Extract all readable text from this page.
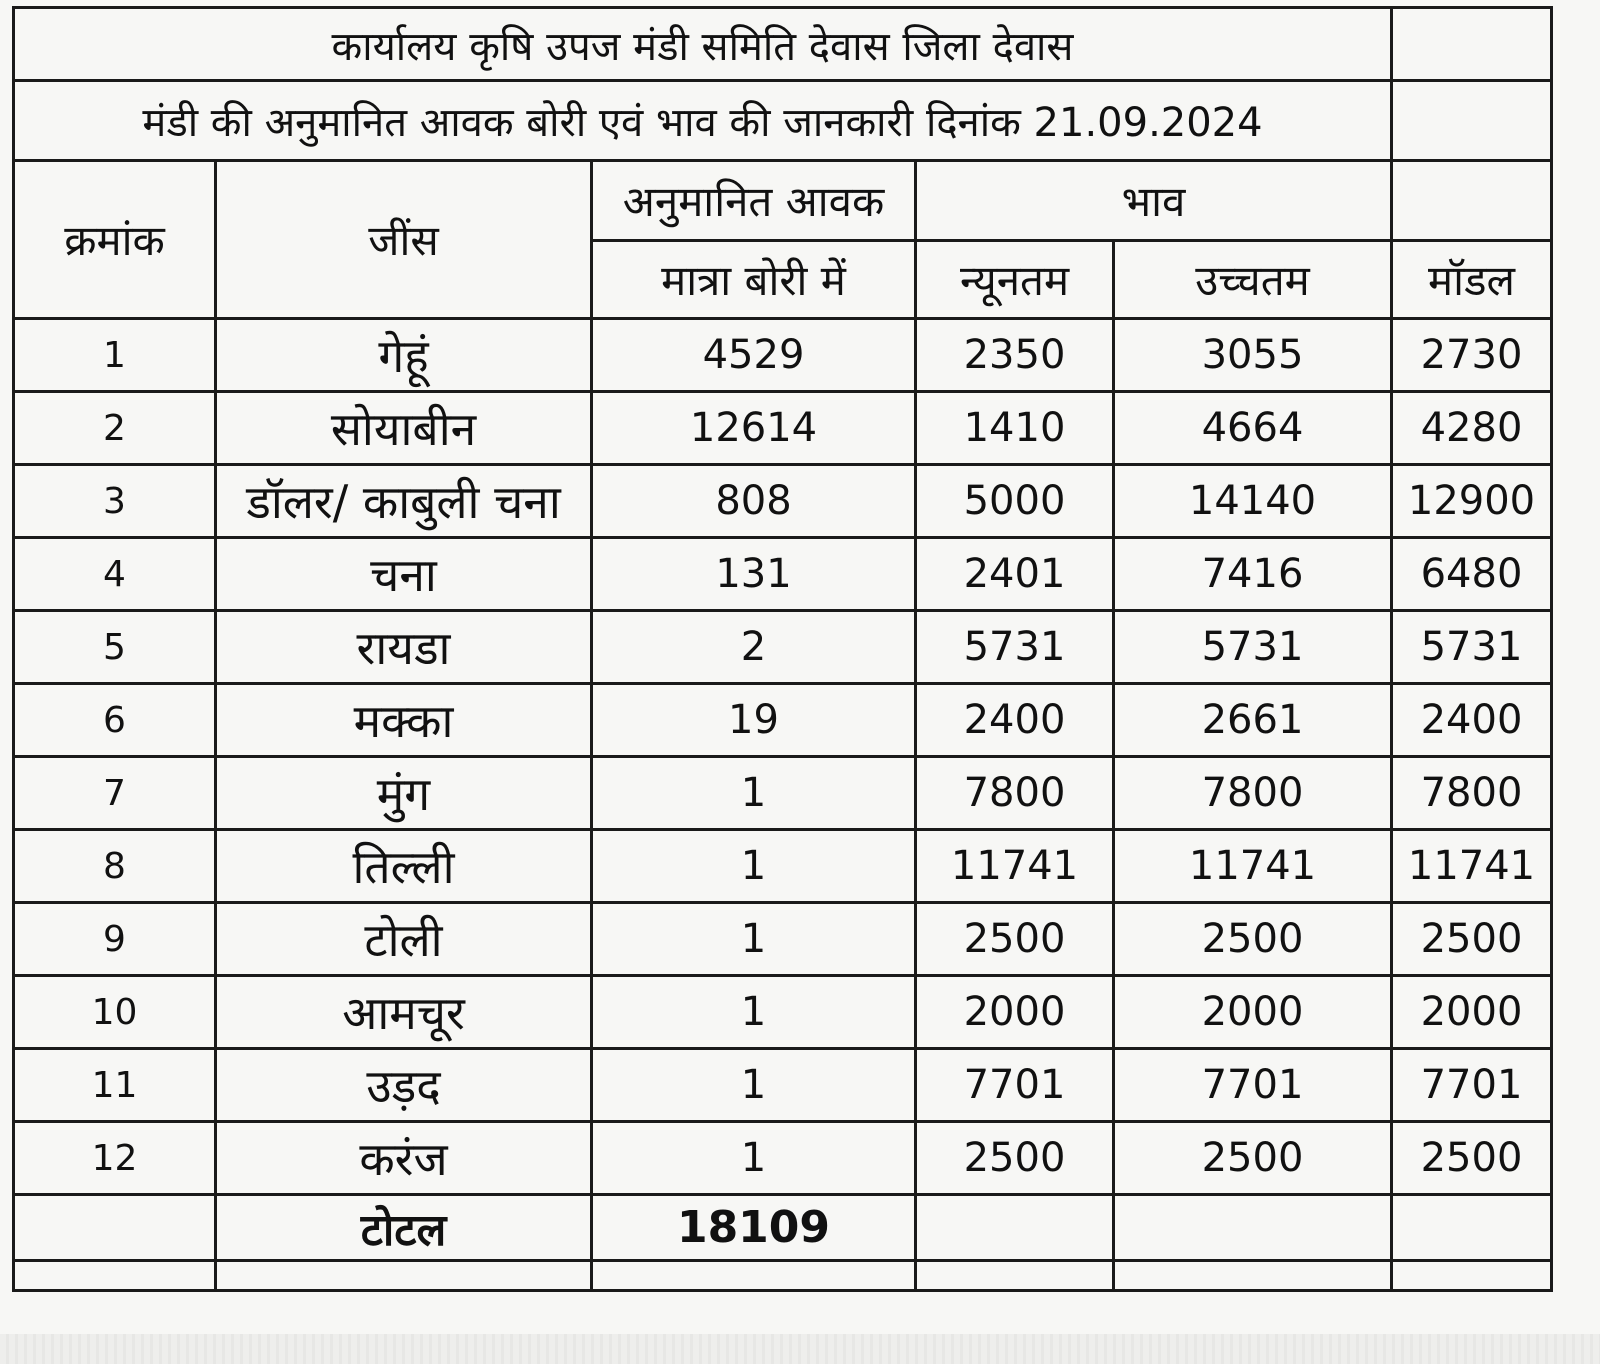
कार्यालय कृषि उपज मंडी समिति देवास जिला देवास					
मंडी की अनुमानित आवक बोरी एवं भाव की जानकारी दिनांक 21.09.2024					
क्रमांक	जींस	अनुमानित आवक	भाव		
		मात्रा बोरी में	न्यूनतम	उच्चतम	मॉडल
1	गेहूं	4529	2350	3055	2730
2	सोयाबीन	12614	1410	4664	4280
3	डॉलर/ काबुली चना	808	5000	14140	12900
4	चना	131	2401	7416	6480
5	रायडा	2	5731	5731	5731
6	मक्का	19	2400	2661	2400
7	मुंग	1	7800	7800	7800
8	तिल्ली	1	11741	11741	11741
9	टोली	1	2500	2500	2500
10	आमचूर	1	2000	2000	2000
11	उड़द	1	7701	7701	7701
12	करंज	1	2500	2500	2500
	टोटल	18109			
